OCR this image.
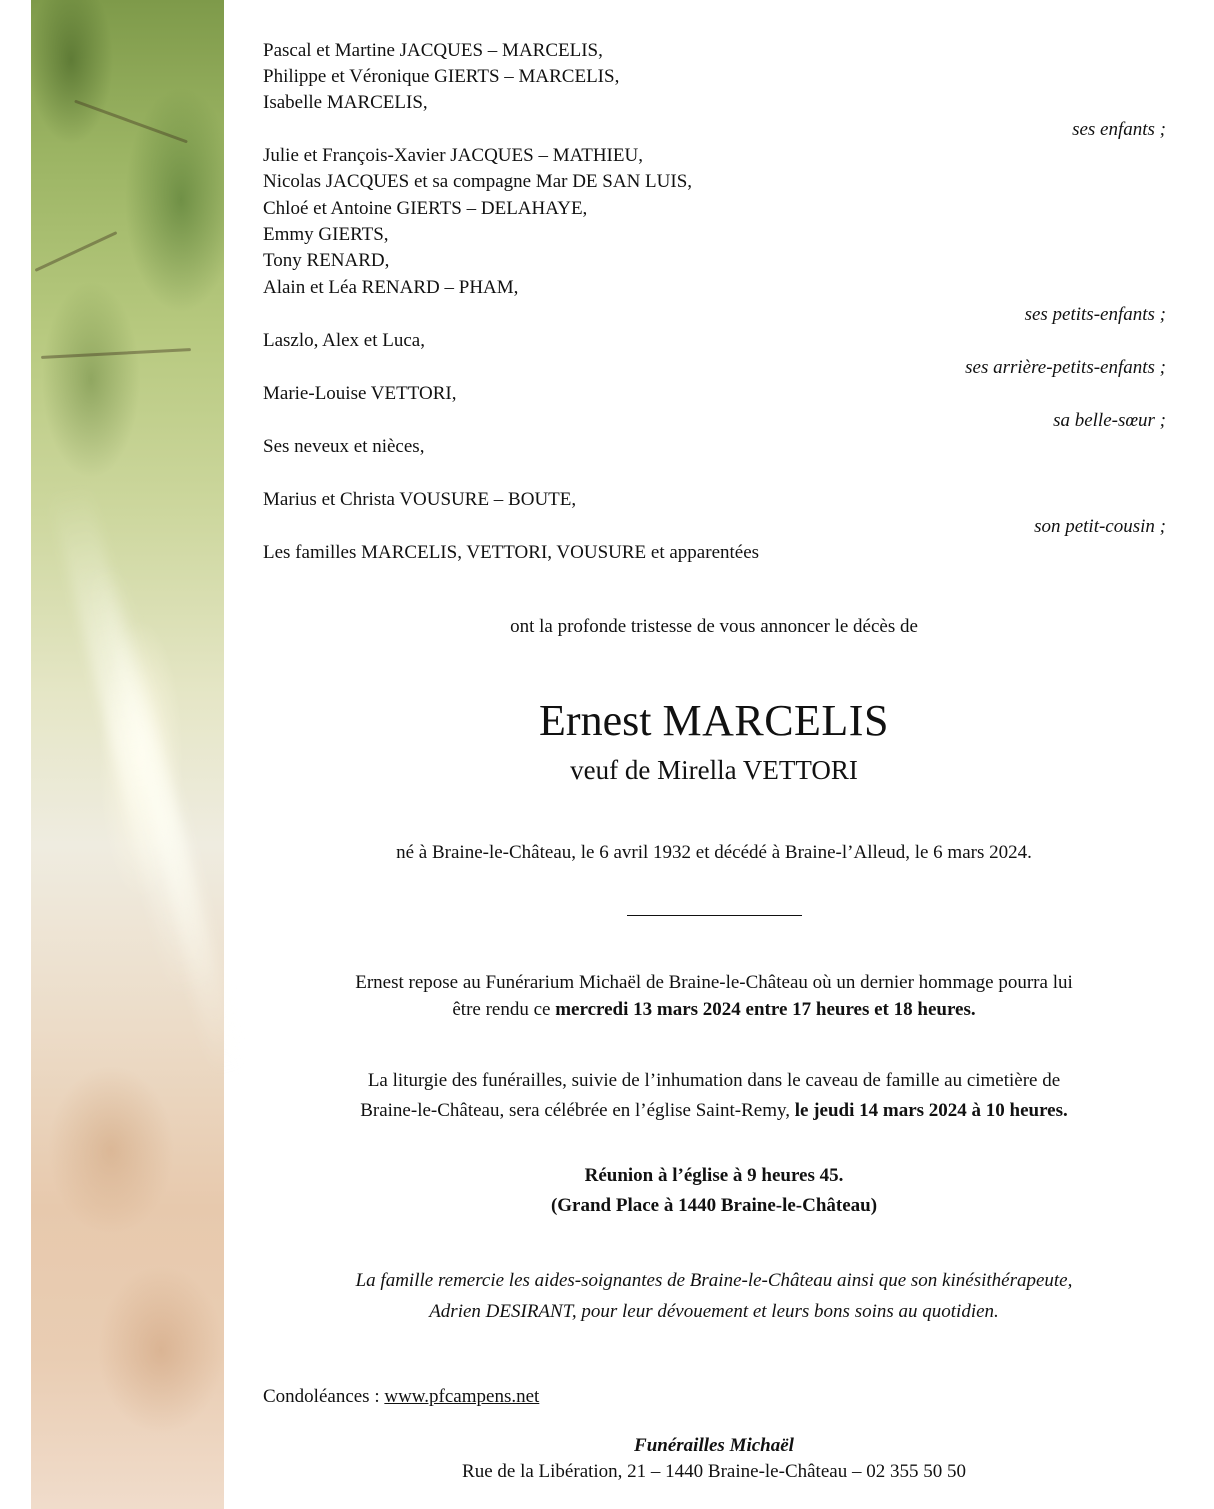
Pascal et Martine JACQUES – MARCELIS,
Philippe et Véronique GIERTS – MARCELIS,
Isabelle MARCELIS,
ses enfants ;
Julie et François-Xavier JACQUES – MATHIEU,
Nicolas JACQUES et sa compagne Mar DE SAN LUIS,
Chloé et Antoine GIERTS – DELAHAYE,
Emmy GIERTS,
Tony RENARD,
Alain et Léa RENARD – PHAM,
ses petits-enfants ;
Laszlo, Alex et Luca,
ses arrière-petits-enfants ;
Marie-Louise VETTORI,
sa belle-sœur ;
Ses neveux et nièces,
Marius et Christa VOUSURE – BOUTE,
son petit-cousin ;
Les familles MARCELIS, VETTORI, VOUSURE et apparentées
ont la profonde tristesse de vous annoncer le décès de
Ernest MARCELIS
veuf de Mirella VETTORI
né à Braine-le-Château, le 6 avril 1932 et décédé à Braine-l’Alleud, le 6 mars 2024.
Ernest repose au Funérarium Michaël de Braine-le-Château où un dernier hommage pourra lui
être rendu ce mercredi 13 mars 2024 entre 17 heures et 18 heures.
La liturgie des funérailles, suivie de l’inhumation dans le caveau de famille au cimetière de
Braine-le-Château, sera célébrée en l’église Saint-Remy, le jeudi 14 mars 2024 à 10 heures.
Réunion à l’église à 9 heures 45.
(Grand Place à 1440 Braine-le-Château)
La famille remercie les aides-soignantes de Braine-le-Château ainsi que son kinésithérapeute,
Adrien DESIRANT, pour leur dévouement et leurs bons soins au quotidien.
Condoléances : www.pfcampens.net
Funérailles Michaël
Rue de la Libération, 21 – 1440 Braine-le-Château – 02 355 50 50
